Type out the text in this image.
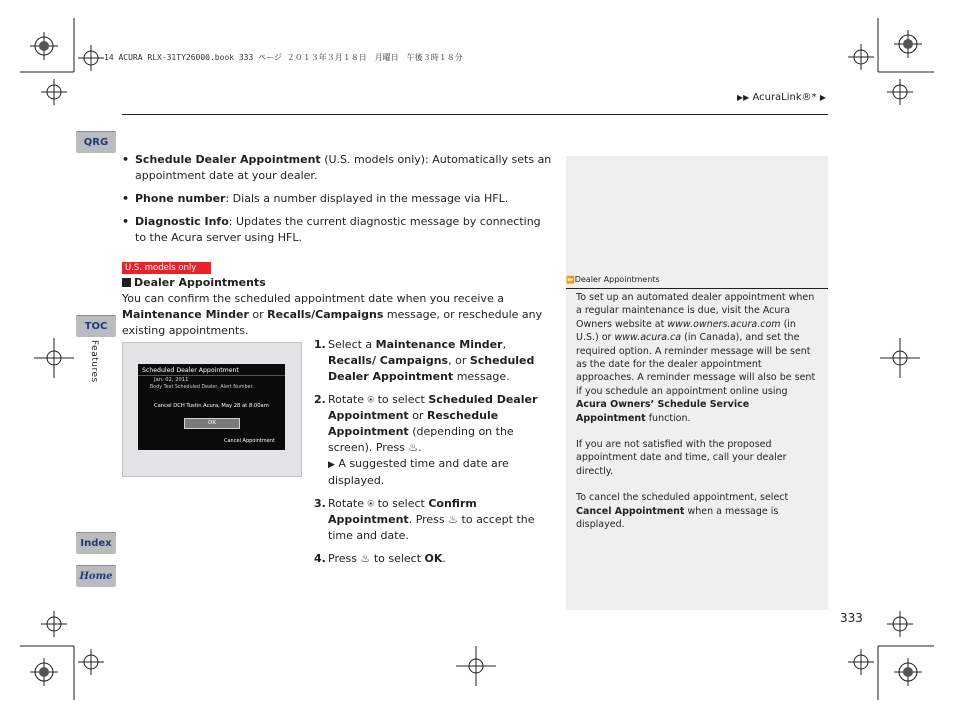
14 ACURA RLX-31TY26000.book 333 ページ ２０１３年３月１８日　月曜日　午後３時１８分
▶▶ AcuraLink®* ▶
QRG
TOC
Features
Index
Home
• Schedule Dealer Appointment (U.S. models only): Automatically sets an appointment date at your dealer.
• Phone number: Dials a number displayed in the message via HFL.
• Diagnostic Info: Updates the current diagnostic message by connecting to the Acura server using HFL.
U.S. models only
Dealer Appointments
You can confirm the scheduled appointment date when you receive a Maintenance Minder or Recalls/Campaigns message, or reschedule any existing appointments.
Scheduled Dealer Appointment
Jan. 02, 2011
Body Text Scheduled Dealer, Alert Number.
Cancel DCH Tustin Acura, May 28 at 8:00am
OK
Cancel Appointment
1. Select a Maintenance Minder, Recalls/ Campaigns, or Scheduled Dealer Appointment message.
2. Rotate ⍟ to select Scheduled Dealer Appointment or Reschedule Appointment (depending on the screen). Press ♨.
▶ A suggested time and date are displayed.
3. Rotate ⍟ to select Confirm Appointment. Press ♨ to accept the time and date.
4. Press ♨ to select OK.
⏩Dealer Appointments

To set up an automated dealer appointment when a regular maintenance is due, visit the Acura Owners website at www.owners.acura.com (in U.S.) or www.acura.ca (in Canada), and set the required option. A reminder message will be sent as the date for the dealer appointment approaches. A reminder message will also be sent if you schedule an appointment online using Acura Owners’ Schedule Service Appointment function.

If you are not satisfied with the proposed appointment date and time, call your dealer directly.

To cancel the scheduled appointment, select Cancel Appointment when a message is displayed.

333
